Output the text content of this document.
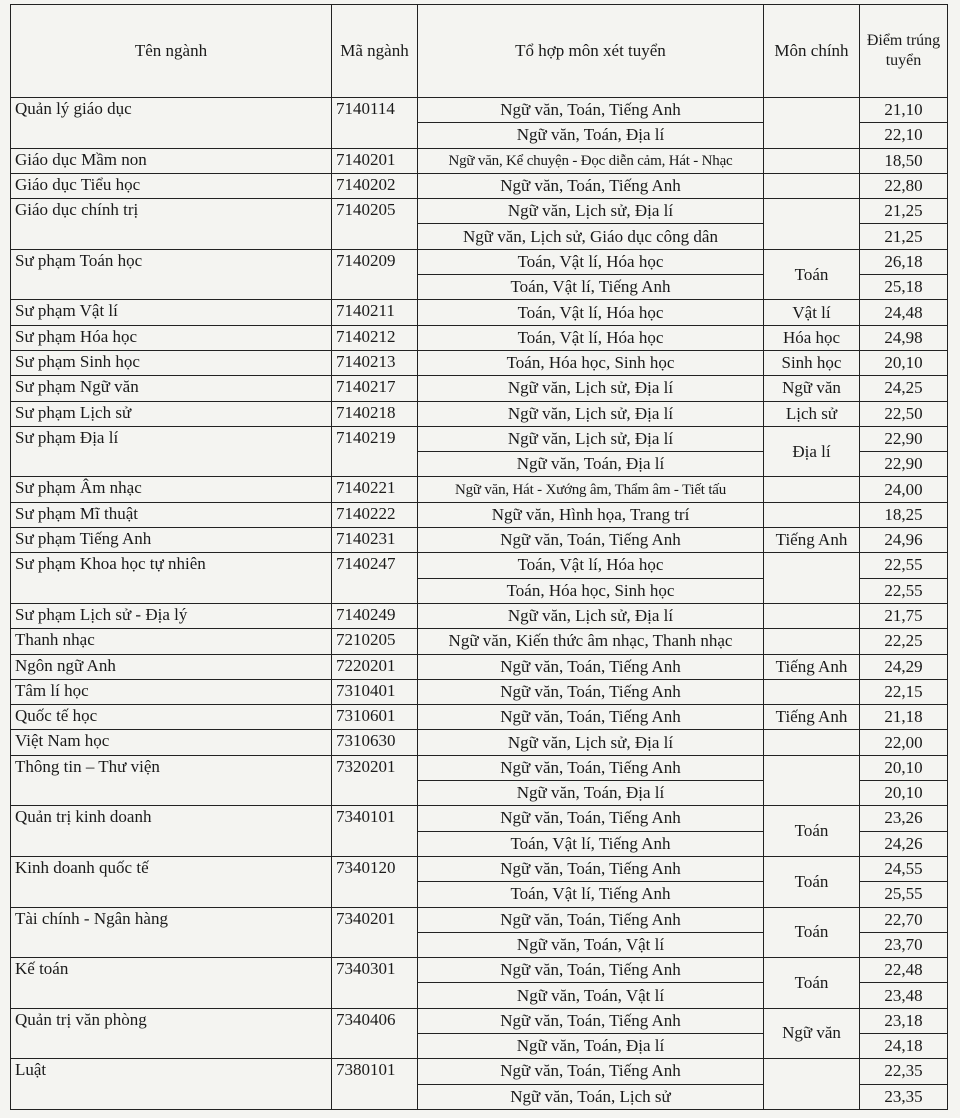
Tên ngành	Mã ngành	Tổ hợp môn xét tuyển	Môn chính	Điểm trúng tuyển
Quản lý giáo dục	7140114	Ngữ văn, Toán, Tiếng Anh		21,10
		Ngữ văn, Toán, Địa lí		22,10
Giáo dục Mầm non	7140201	Ngữ văn, Kể chuyện - Đọc diễn cảm, Hát - Nhạc		18,50
Giáo dục Tiểu học	7140202	Ngữ văn, Toán, Tiếng Anh		22,80
Giáo dục chính trị	7140205	Ngữ văn, Lịch sử, Địa lí		21,25
		Ngữ văn, Lịch sử, Giáo dục công dân		21,25
Sư phạm Toán học	7140209	Toán, Vật lí, Hóa học	Toán	26,18
		Toán, Vật lí, Tiếng Anh		25,18
Sư phạm Vật lí	7140211	Toán, Vật lí, Hóa học	Vật lí	24,48
Sư phạm Hóa học	7140212	Toán, Vật lí, Hóa học	Hóa học	24,98
Sư phạm Sinh học	7140213	Toán, Hóa học, Sinh học	Sinh học	20,10
Sư phạm Ngữ văn	7140217	Ngữ văn, Lịch sử, Địa lí	Ngữ văn	24,25
Sư phạm Lịch sử	7140218	Ngữ văn, Lịch sử, Địa lí	Lịch sử	22,50
Sư phạm Địa lí	7140219	Ngữ văn, Lịch sử, Địa lí	Địa lí	22,90
		Ngữ văn, Toán, Địa lí		22,90
Sư phạm Âm nhạc	7140221	Ngữ văn, Hát - Xướng âm, Thẩm âm - Tiết tấu		24,00
Sư phạm Mĩ thuật	7140222	Ngữ văn, Hình họa, Trang trí		18,25
Sư phạm Tiếng Anh	7140231	Ngữ văn, Toán, Tiếng Anh	Tiếng Anh	24,96
Sư phạm Khoa học tự nhiên	7140247	Toán, Vật lí, Hóa học		22,55
		Toán, Hóa học, Sinh học		22,55
Sư phạm Lịch sử - Địa lý	7140249	Ngữ văn, Lịch sử, Địa lí		21,75
Thanh nhạc	7210205	Ngữ văn, Kiến thức âm nhạc, Thanh nhạc		22,25
Ngôn ngữ Anh	7220201	Ngữ văn, Toán, Tiếng Anh	Tiếng Anh	24,29
Tâm lí học	7310401	Ngữ văn, Toán, Tiếng Anh		22,15
Quốc tế học	7310601	Ngữ văn, Toán, Tiếng Anh	Tiếng Anh	21,18
Việt Nam học	7310630	Ngữ văn, Lịch sử, Địa lí		22,00
Thông tin – Thư viện	7320201	Ngữ văn, Toán, Tiếng Anh		20,10
		Ngữ văn, Toán, Địa lí		20,10
Quản trị kinh doanh	7340101	Ngữ văn, Toán, Tiếng Anh	Toán	23,26
		Toán, Vật lí, Tiếng Anh		24,26
Kinh doanh quốc tế	7340120	Ngữ văn, Toán, Tiếng Anh	Toán	24,55
		Toán, Vật lí, Tiếng Anh		25,55
Tài chính - Ngân hàng	7340201	Ngữ văn, Toán, Tiếng Anh	Toán	22,70
		Ngữ văn, Toán, Vật lí		23,70
Kế toán	7340301	Ngữ văn, Toán, Tiếng Anh	Toán	22,48
		Ngữ văn, Toán, Vật lí		23,48
Quản trị văn phòng	7340406	Ngữ văn, Toán, Tiếng Anh	Ngữ văn	23,18
		Ngữ văn, Toán, Địa lí		24,18
Luật	7380101	Ngữ văn, Toán, Tiếng Anh		22,35
		Ngữ văn, Toán, Lịch sử		23,35
